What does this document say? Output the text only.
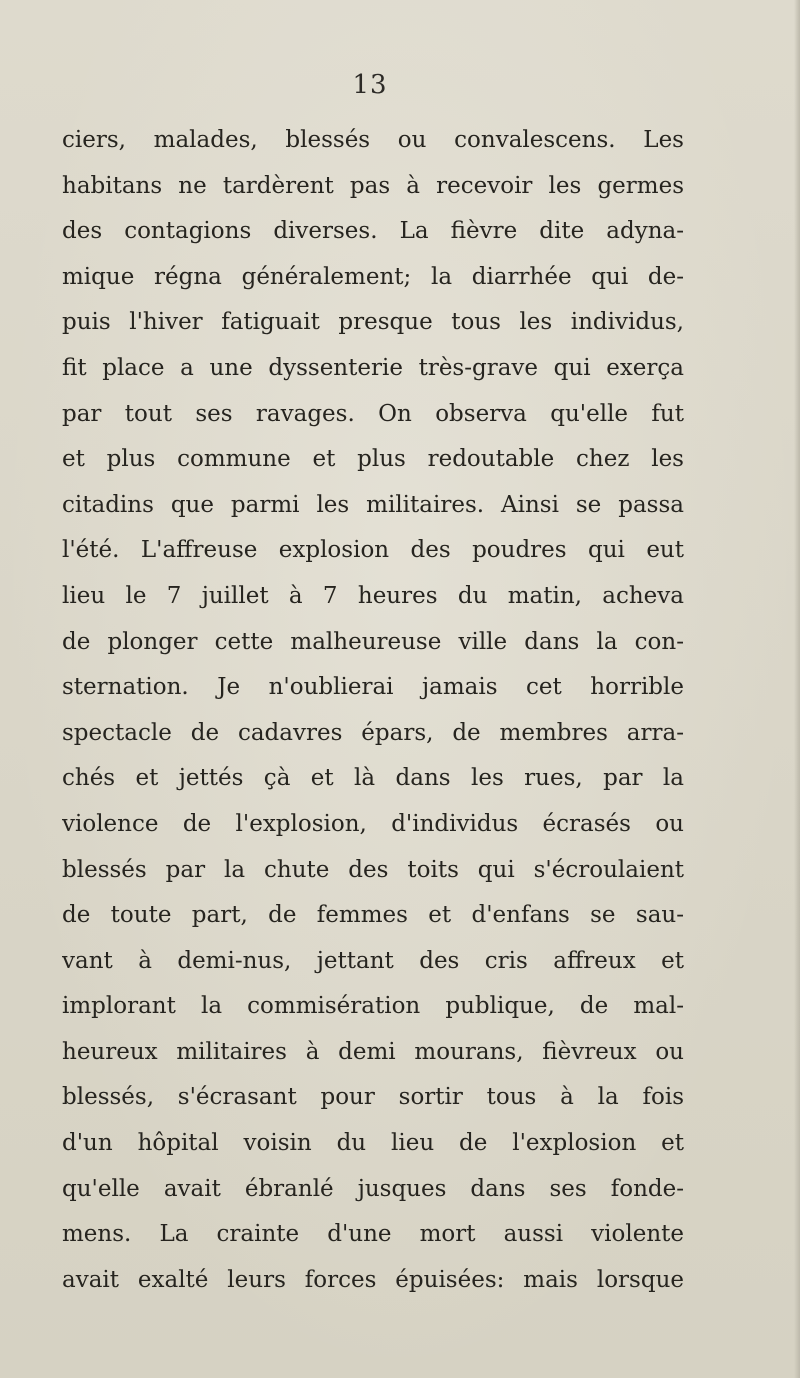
13
ciers, malades, blessés ou convalescens. Les
habitans ne tardèrent pas à recevoir les germes
des contagions diverses. La fièvre dite adyna-
mique régna généralement; la diarrhée qui de-
puis l'hiver fatiguait presque tous les individus,
fit place a une dyssenterie très-grave qui exerça
par tout ses ravages. On observa qu'elle fut
et plus commune et plus redoutable chez les
citadins que parmi les militaires. Ainsi se passa
l'été. L'affreuse explosion des poudres qui eut
lieu le 7 juillet à 7 heures du matin, acheva
de plonger cette malheureuse ville dans la con-
sternation. Je n'oublierai jamais cet horrible
spectacle de cadavres épars, de membres arra-
chés et jettés çà et là dans les rues, par la
violence de l'explosion, d'individus écrasés ou
blessés par la chute des toits qui s'écroulaient
de toute part, de femmes et d'enfans se sau-
vant à demi-nus, jettant des cris affreux et
implorant la commisération publique, de mal-
heureux militaires à demi mourans, fièvreux ou
blessés, s'écrasant pour sortir tous à la fois
d'un hôpital voisin du lieu de l'explosion et
qu'elle avait ébranlé jusques dans ses fonde-
mens. La crainte d'une mort aussi violente
avait exalté leurs forces épuisées: mais lorsque
